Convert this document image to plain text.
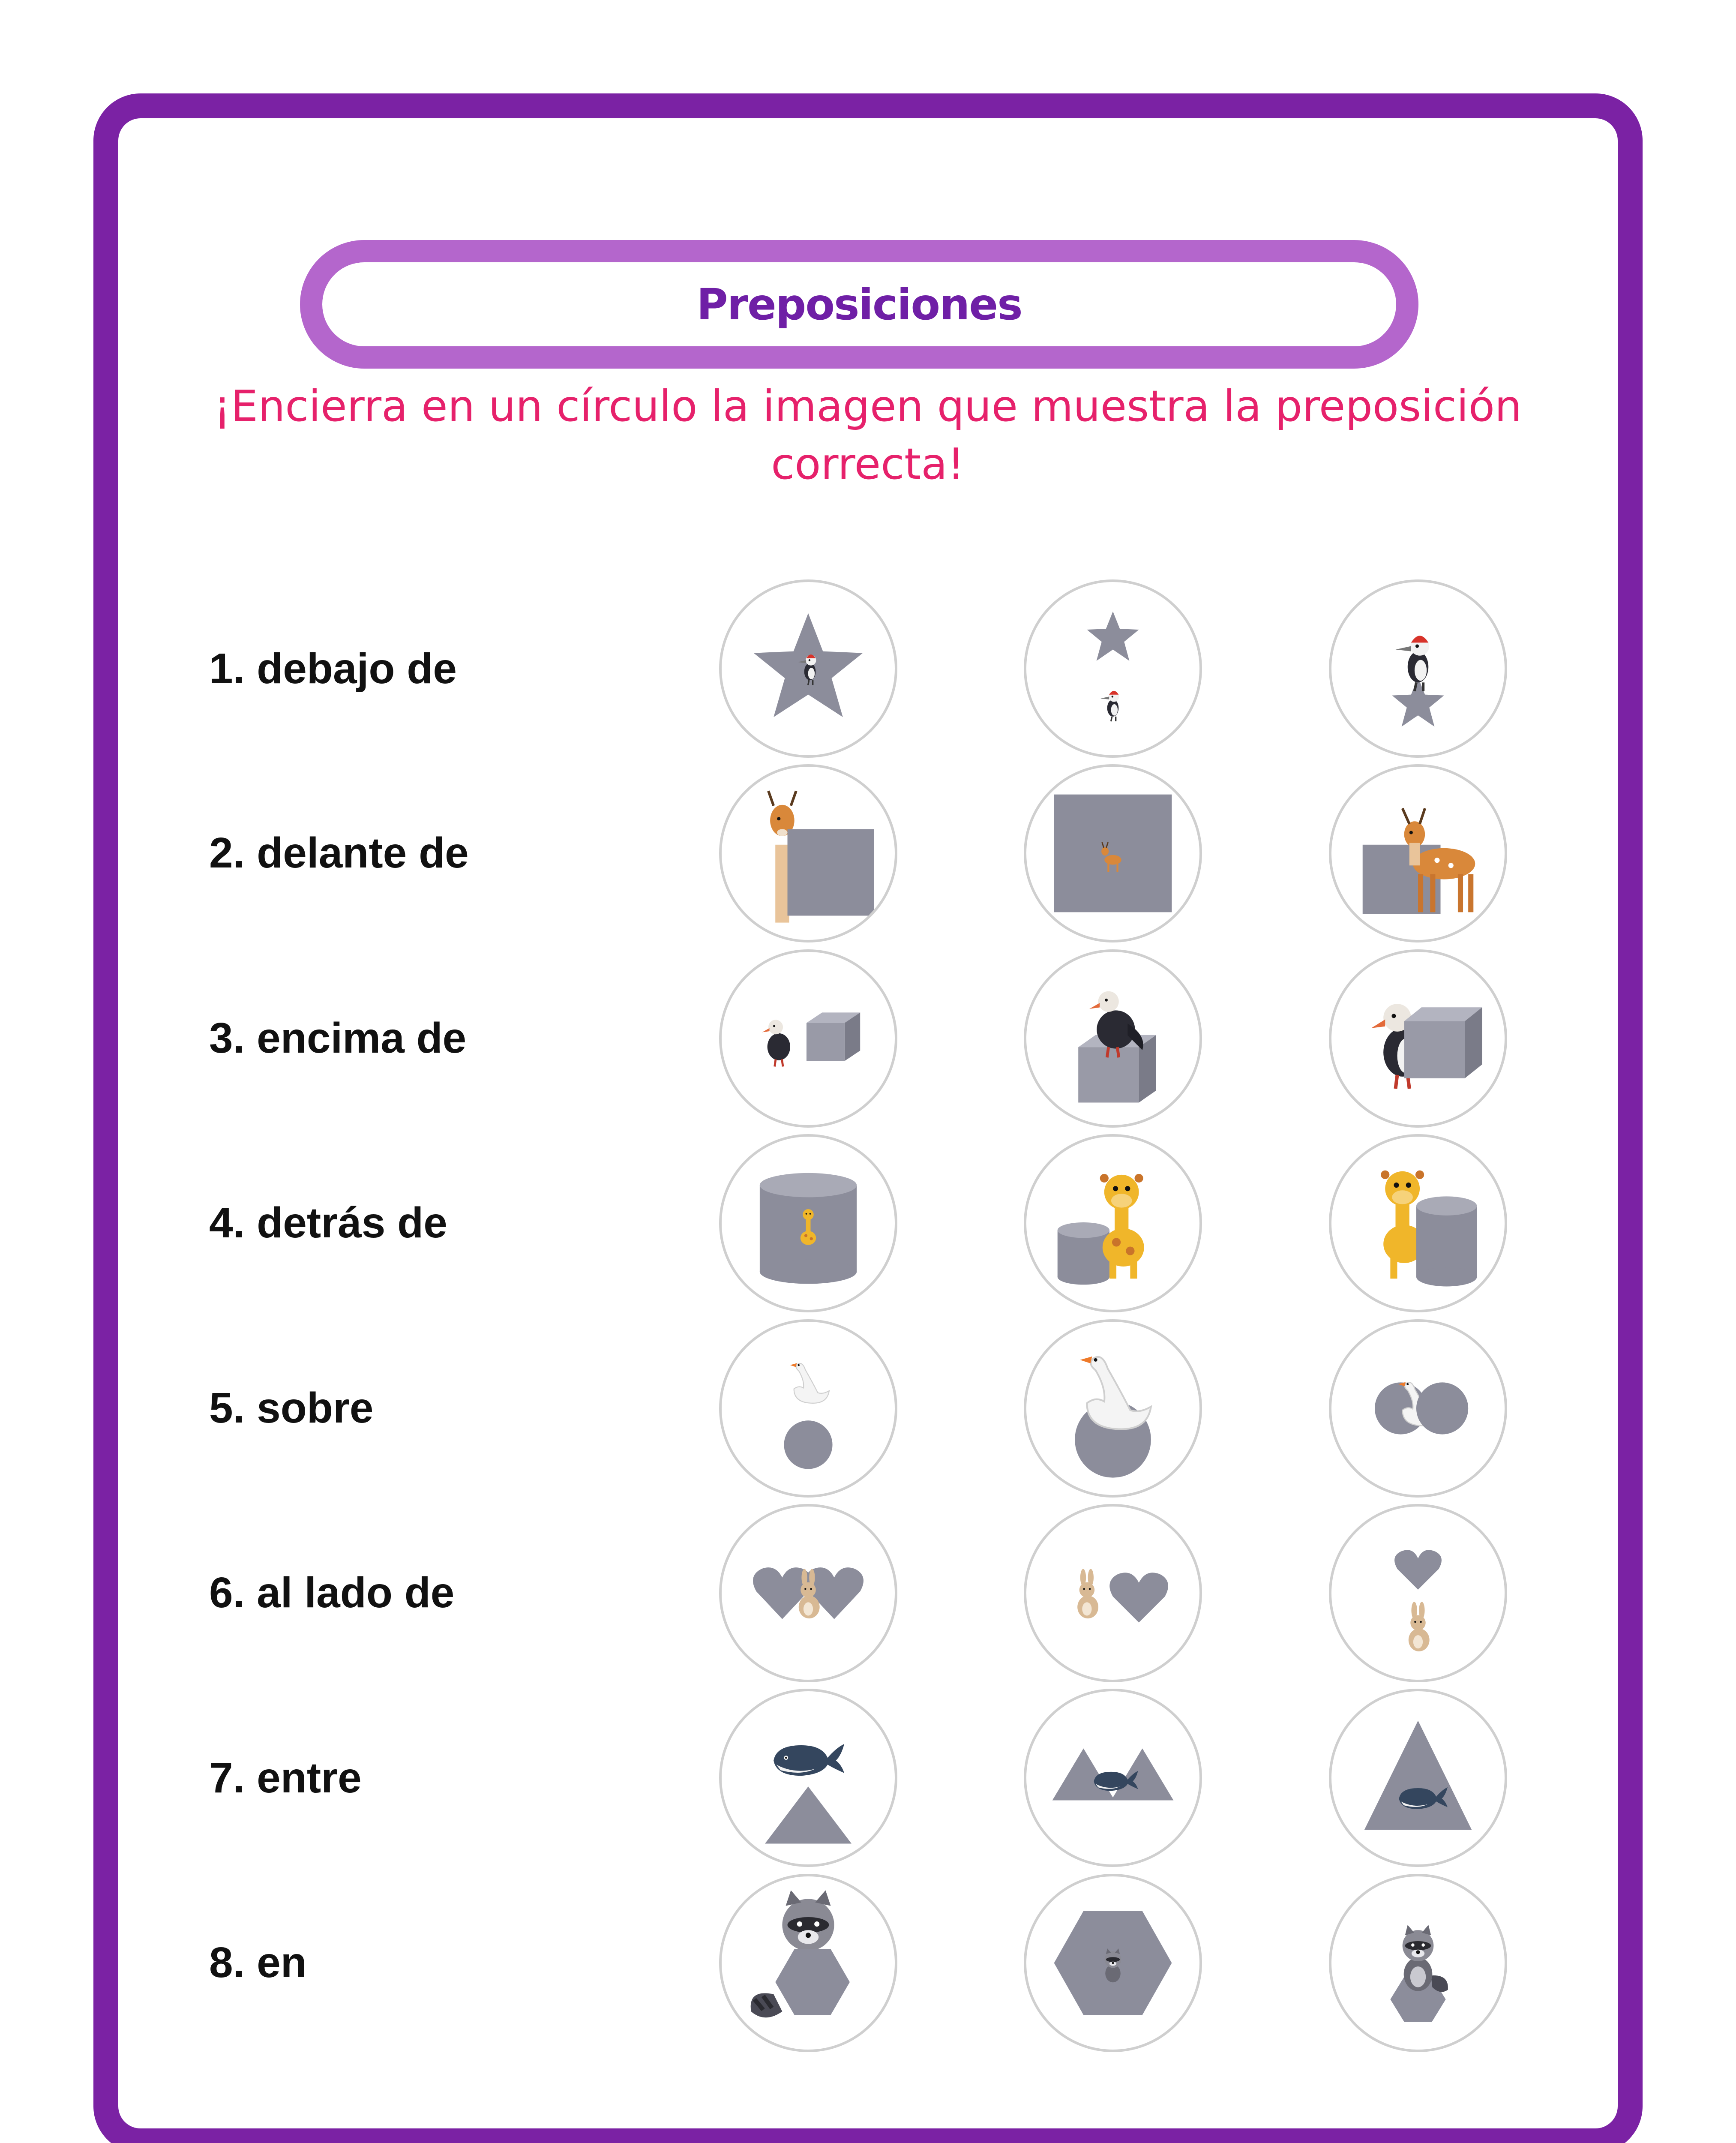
Preposiciones
¡Encierra en un círculo la imagen que muestra la preposición correcta!
1. debajo de
2. delante de
3. encima de
4. detrás de
5. sobre
6. al lado de
7. entre
8. en
